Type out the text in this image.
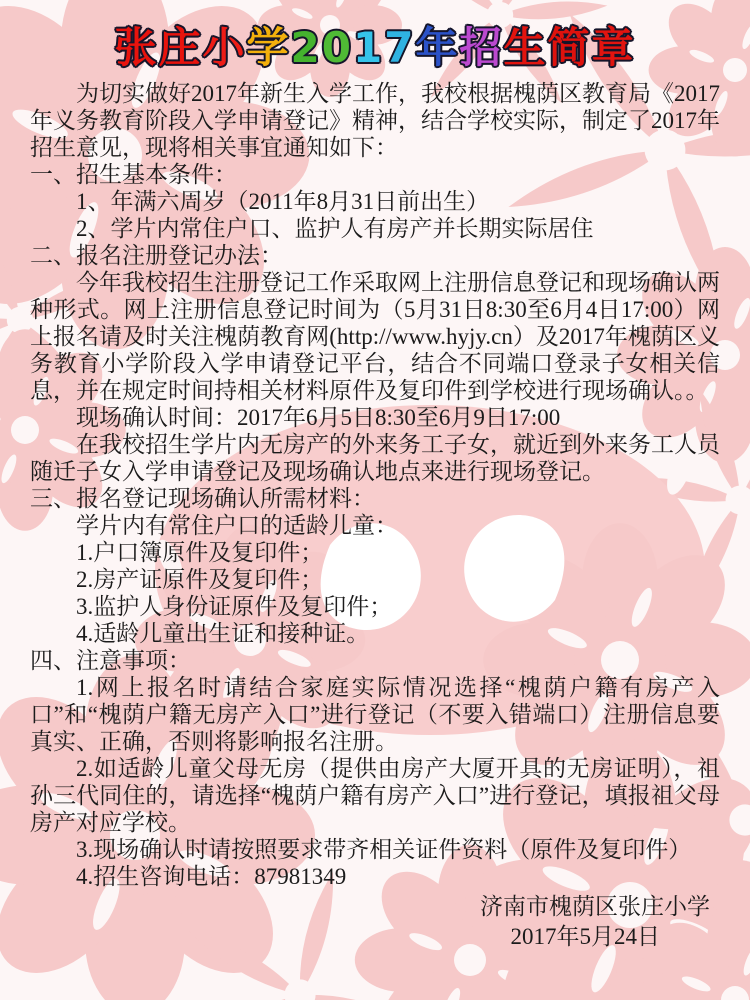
张庄小学2017年招生简章

为切实做好2017年新生入学工作，我校根据槐荫区教育局《2017年义务教育阶段入学申请登记》精神，结合学校实际，制定了2017年招生意见，现将相关事宜通知如下：

一、招生基本条件：

1、年满六周岁（2011年8月31日前出生）

2、学片内常住户口、监护人有房产并长期实际居住

二、报名注册登记办法：

今年我校招生注册登记工作采取网上注册信息登记和现场确认两种形式。网上注册信息登记时间为（5月31日8:30至6月4日17:00）网上报名请及时关注槐荫教育网(http://www.hyjy.cn）及2017年槐荫区义务教育小学阶段入学申请登记平台，结合不同端口登录子女相关信息，并在规定时间持相关材料原件及复印件到学校进行现场确认。。

现场确认时间：2017年6月5日8:30至6月9日17:00

在我校招生学片内无房产的外来务工子女，就近到外来务工人员随迁子女入学申请登记及现场确认地点来进行现场登记。

三、报名登记现场确认所需材料：

学片内有常住户口的适龄儿童：

1.户口簿原件及复印件；

2.房产证原件及复印件；

3.监护人身份证原件及复印件；

4.适龄儿童出生证和接种证。

四、注意事项：

1.网上报名时请结合家庭实际情况选择“槐荫户籍有房产入口”和“槐荫户籍无房产入口”进行登记（不要入错端口）注册信息要真实、正确，否则将影响报名注册。

2.如适龄儿童父母无房（提供由房产大厦开具的无房证明），祖孙三代同住的，请选择“槐荫户籍有房产入口”进行登记，填报祖父母房产对应学校。

3.现场确认时请按照要求带齐相关证件资料（原件及复印件）

4.招生咨询电话：87981349

济南市槐荫区张庄小学
2017年5月24日
